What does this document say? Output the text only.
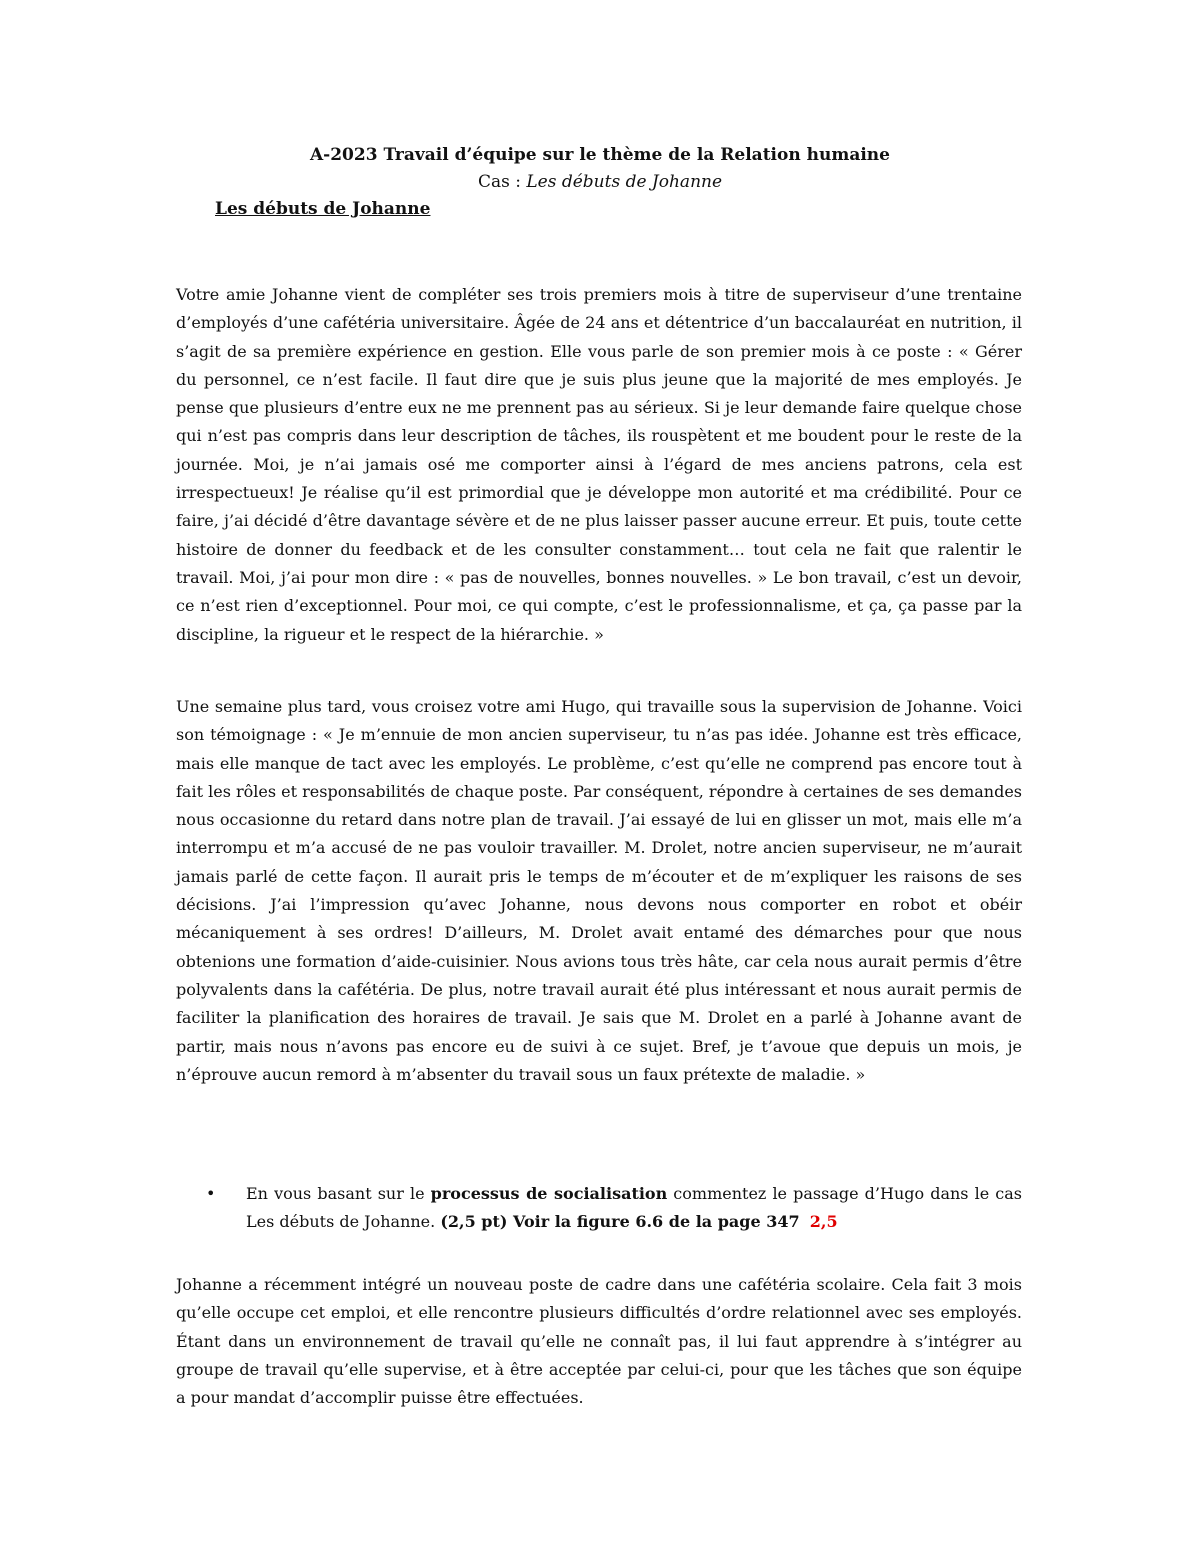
A-2023 Travail d’équipe sur le thème de la Relation humaine
Cas : Les débuts de Johanne
Les débuts de Johanne

Votre amie Johanne vient de compléter ses trois premiers mois à titre de superviseur d’une trentaine d’employés d’une cafétéria universitaire. Âgée de 24 ans et détentrice d’un baccalauréat en nutrition, il s’agit de sa première expérience en gestion. Elle vous parle de son premier mois à ce poste : « Gérer du personnel, ce n’est facile. Il faut dire que je suis plus jeune que la majorité de mes employés. Je pense que plusieurs d’entre eux ne me prennent pas au sérieux. Si je leur demande faire quelque chose qui n’est pas compris dans leur description de tâches, ils rouspètent et me boudent pour le reste de la journée. Moi, je n’ai jamais osé me comporter ainsi à l’égard de mes anciens patrons, cela est irrespectueux! Je réalise qu’il est primordial que je développe mon autorité et ma crédibilité. Pour ce faire, j’ai décidé d’être davantage sévère et de ne plus laisser passer aucune erreur. Et puis, toute cette histoire de donner du feedback et de les consulter constamment… tout cela ne fait que ralentir le travail. Moi, j’ai pour mon dire : « pas de nouvelles, bonnes nouvelles. » Le bon travail, c’est un devoir, ce n’est rien d’exceptionnel. Pour moi, ce qui compte, c’est le professionnalisme, et ça, ça passe par la discipline, la rigueur et le respect de la hiérarchie. »

Une semaine plus tard, vous croisez votre ami Hugo, qui travaille sous la supervision de Johanne. Voici son témoignage : « Je m’ennuie de mon ancien superviseur, tu n’as pas idée. Johanne est très efficace, mais elle manque de tact avec les employés. Le problème, c’est qu’elle ne comprend pas encore tout à fait les rôles et responsabilités de chaque poste. Par conséquent, répondre à certaines de ses demandes nous occasionne du retard dans notre plan de travail. J’ai essayé de lui en glisser un mot, mais elle m’a interrompu et m’a accusé de ne pas vouloir travailler. M. Drolet, notre ancien superviseur, ne m’aurait jamais parlé de cette façon. Il aurait pris le temps de m’écouter et de m’expliquer les raisons de ses décisions. J’ai l’impression qu’avec Johanne, nous devons nous comporter en robot et obéir mécaniquement à ses ordres! D’ailleurs, M. Drolet avait entamé des démarches pour que nous obtenions une formation d’aide-cuisinier. Nous avions tous très hâte, car cela nous aurait permis d’être polyvalents dans la cafétéria. De plus, notre travail aurait été plus intéressant et nous aurait permis de faciliter la planification des horaires de travail. Je sais que M. Drolet en a parlé à Johanne avant de partir, mais nous n’avons pas encore eu de suivi à ce sujet. Bref, je t’avoue que depuis un mois, je n’éprouve aucun remord à m’absenter du travail sous un faux prétexte de maladie. »

•	En vous basant sur le processus de socialisation commentez le passage d’Hugo dans le cas Les débuts de Johanne. (2,5 pt) Voir la figure 6.6 de la page 347 2,5

Johanne a récemment intégré un nouveau poste de cadre dans une cafétéria scolaire. Cela fait 3 mois qu’elle occupe cet emploi, et elle rencontre plusieurs difficultés d’ordre relationnel avec ses employés. Étant dans un environnement de travail qu’elle ne connaît pas, il lui faut apprendre à s’intégrer au groupe de travail qu’elle supervise, et à être acceptée par celui-ci, pour que les tâches que son équipe a pour mandat d’accomplir puisse être effectuées.
